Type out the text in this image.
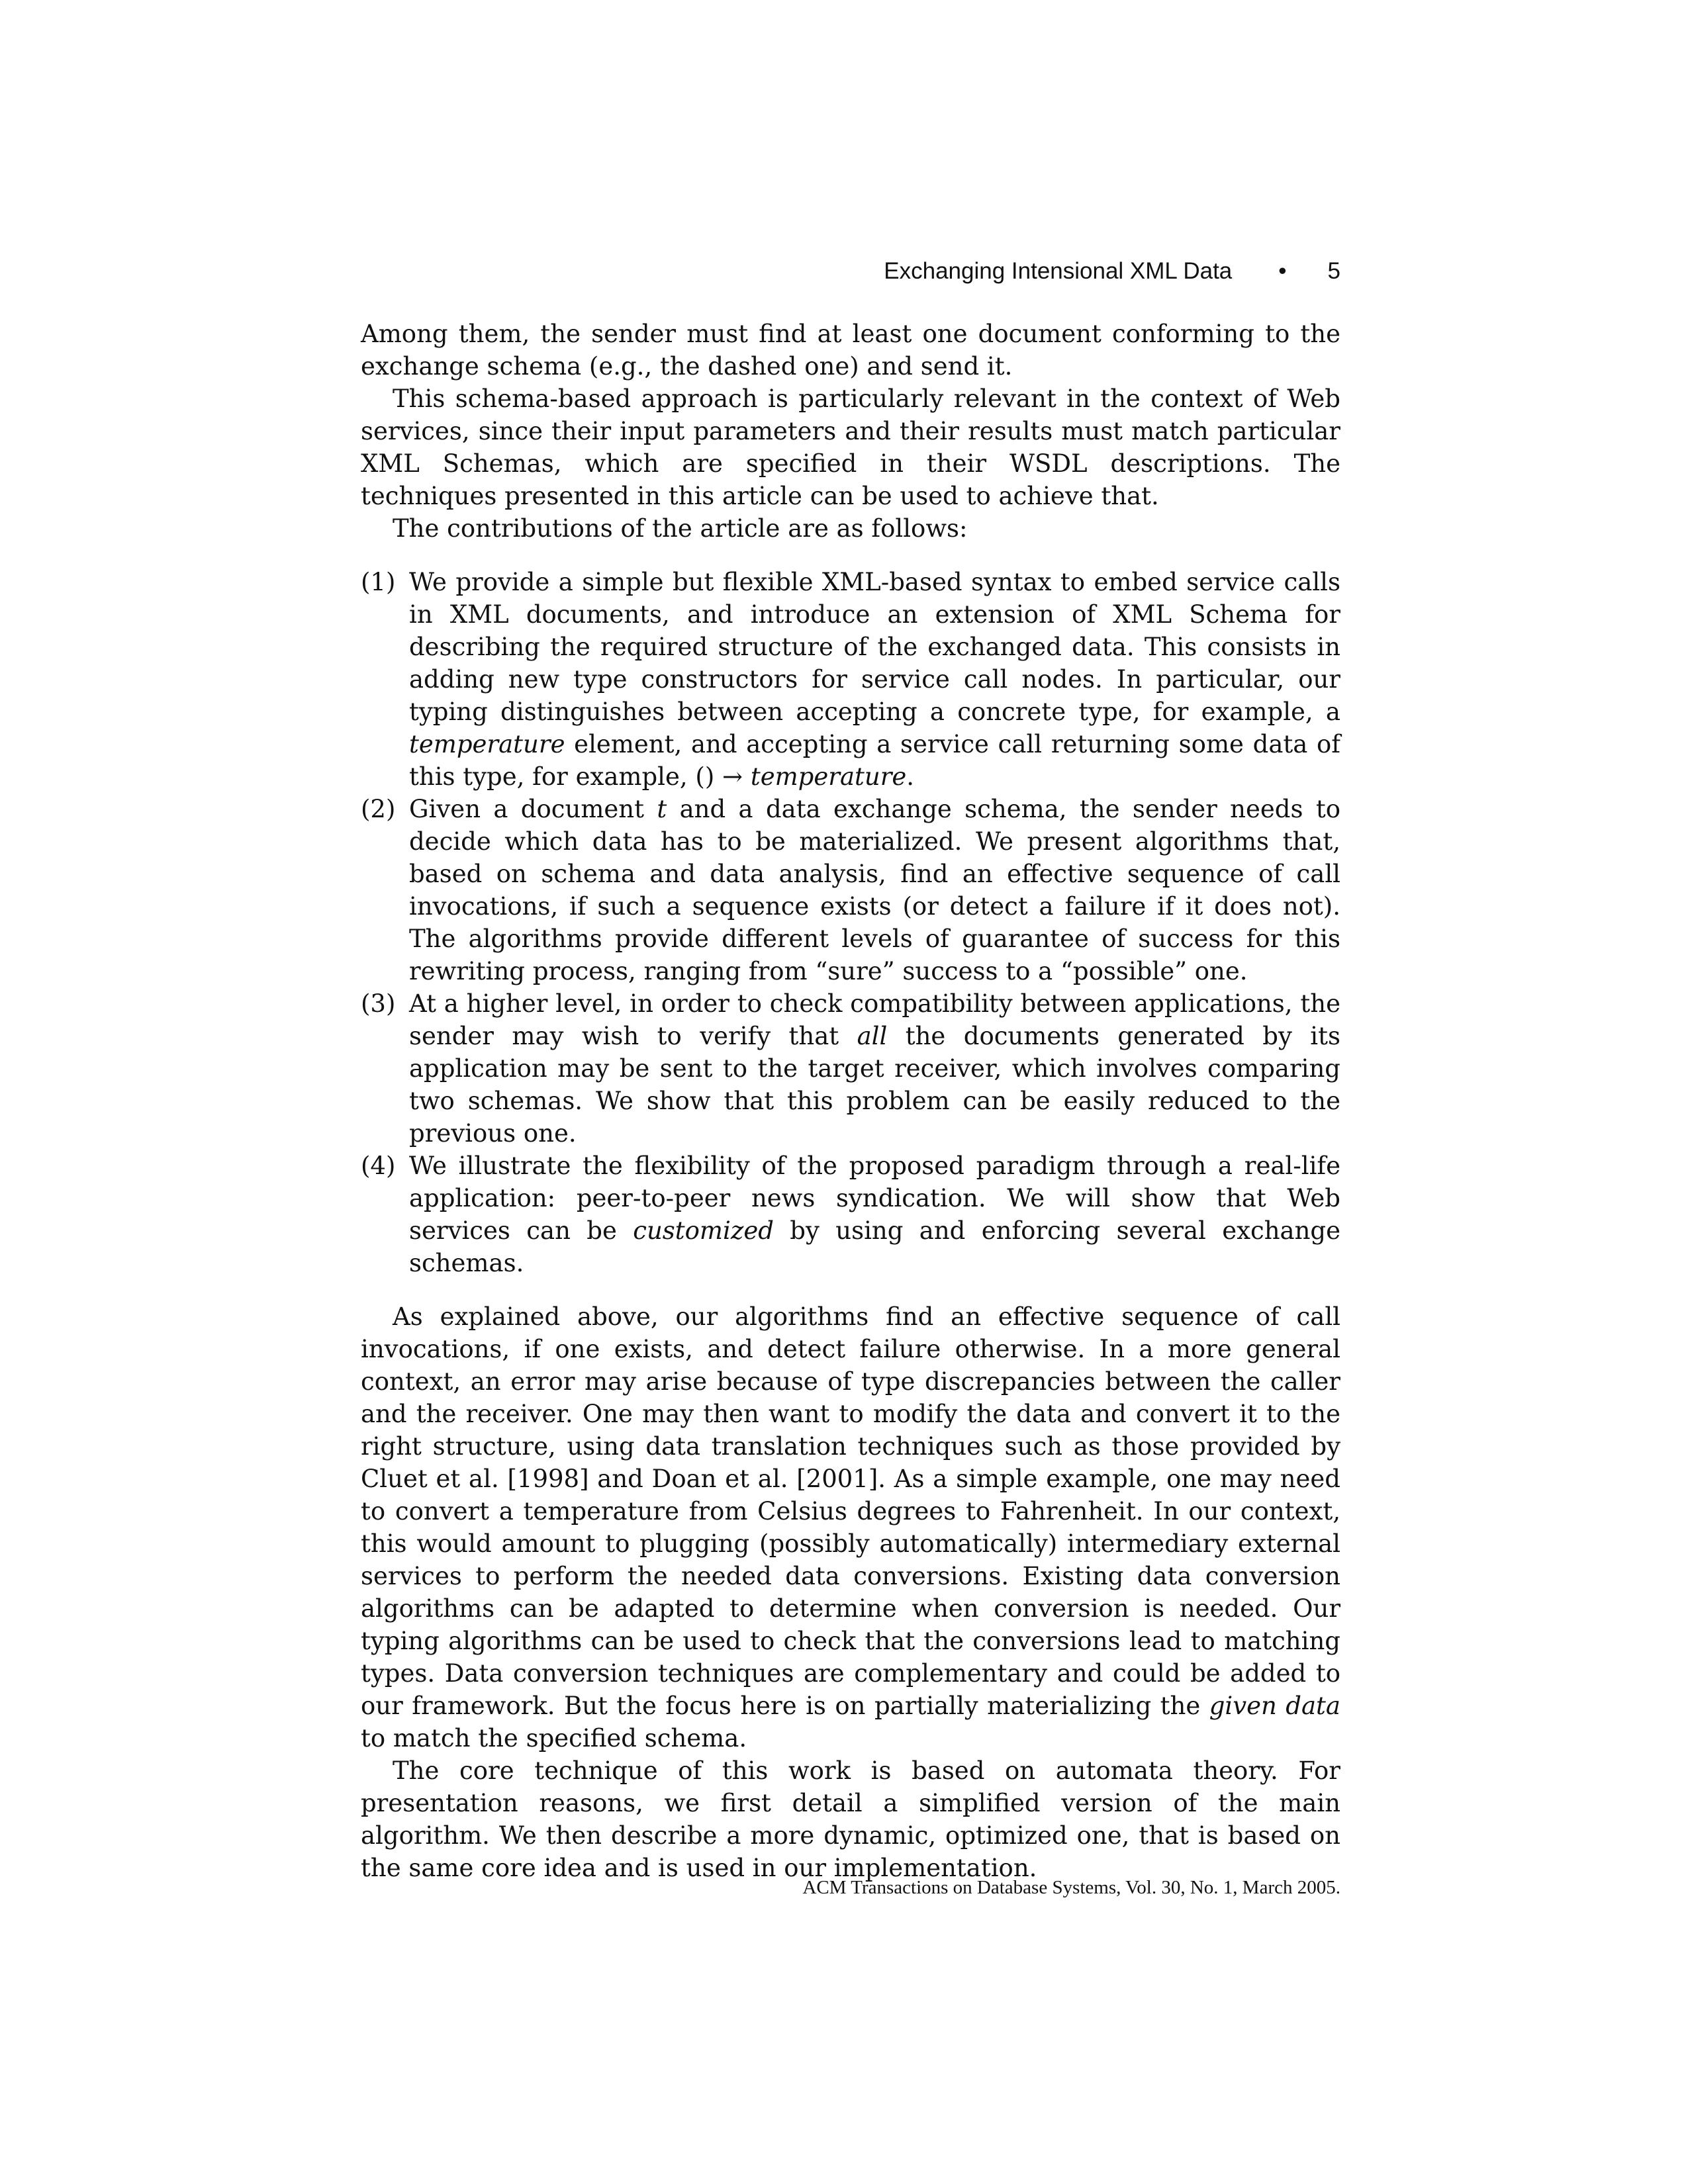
Exchanging Intensional XML Data • 5

Among them, the sender must find at least one document conforming to the exchange schema (e.g., the dashed one) and send it.

This schema-based approach is particularly relevant in the context of Web services, since their input parameters and their results must match particular XML Schemas, which are specified in their WSDL descriptions. The techniques presented in this article can be used to achieve that.

The contributions of the article are as follows:

(1) We provide a simple but flexible XML-based syntax to embed service calls in XML documents, and introduce an extension of XML Schema for describing the required structure of the exchanged data. This consists in adding new type constructors for service call nodes. In particular, our typing distinguishes between accepting a concrete type, for example, a temperature element, and accepting a service call returning some data of this type, for example, () → temperature.
(2) Given a document t and a data exchange schema, the sender needs to decide which data has to be materialized. We present algorithms that, based on schema and data analysis, find an effective sequence of call invocations, if such a sequence exists (or detect a failure if it does not). The algorithms provide different levels of guarantee of success for this rewriting process, ranging from “sure” success to a “possible” one.
(3) At a higher level, in order to check compatibility between applications, the sender may wish to verify that all the documents generated by its application may be sent to the target receiver, which involves comparing two schemas. We show that this problem can be easily reduced to the previous one.
(4) We illustrate the flexibility of the proposed paradigm through a real-life application: peer-to-peer news syndication. We will show that Web services can be customized by using and enforcing several exchange schemas.

As explained above, our algorithms find an effective sequence of call invocations, if one exists, and detect failure otherwise. In a more general context, an error may arise because of type discrepancies between the caller and the receiver. One may then want to modify the data and convert it to the right structure, using data translation techniques such as those provided by Cluet et al. [1998] and Doan et al. [2001]. As a simple example, one may need to convert a temperature from Celsius degrees to Fahrenheit. In our context, this would amount to plugging (possibly automatically) intermediary external services to perform the needed data conversions. Existing data conversion algorithms can be adapted to determine when conversion is needed. Our typing algorithms can be used to check that the conversions lead to matching types. Data conversion techniques are complementary and could be added to our framework. But the focus here is on partially materializing the given data to match the specified schema.

The core technique of this work is based on automata theory. For presentation reasons, we first detail a simplified version of the main algorithm. We then describe a more dynamic, optimized one, that is based on the same core idea and is used in our implementation.

ACM Transactions on Database Systems, Vol. 30, No. 1, March 2005.
